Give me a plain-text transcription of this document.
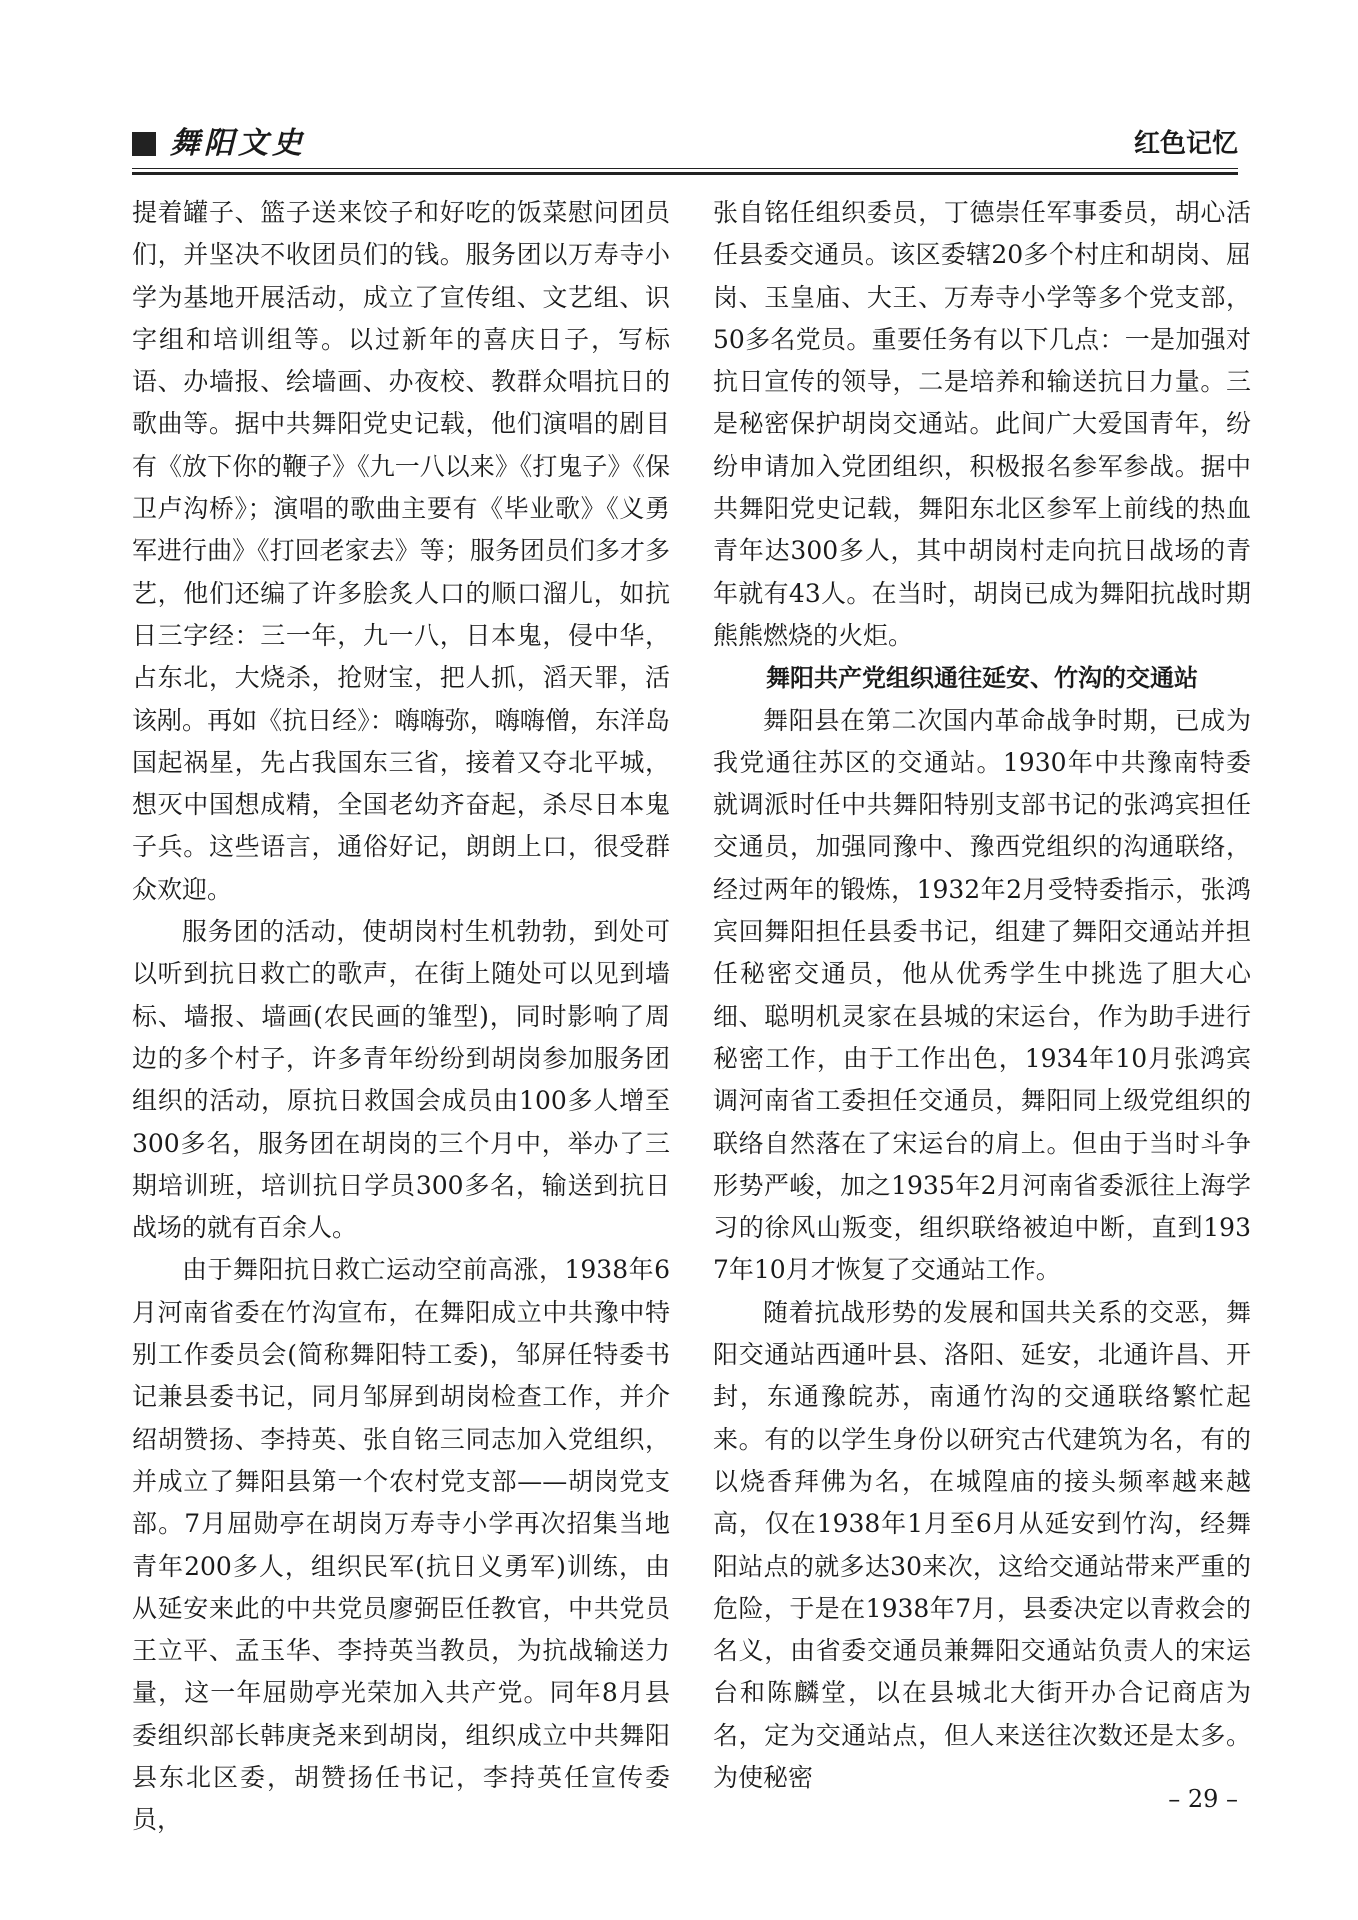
舞阳文史	红色记忆

提着罐子、篮子送来饺子和好吃的饭菜慰问团员们，并坚决不收团员们的钱。服务团以万寿寺小学为基地开展活动，成立了宣传组、文艺组、识字组和培训组等。以过新年的喜庆日子，写标语、办墙报、绘墙画、办夜校、教群众唱抗日的歌曲等。据中共舞阳党史记载，他们演唱的剧目有《放下你的鞭子》《九一八以来》《打鬼子》《保卫卢沟桥》；演唱的歌曲主要有《毕业歌》《义勇军进行曲》《打回老家去》等；服务团员们多才多艺，他们还编了许多脍炙人口的顺口溜儿，如抗日三字经：三一年，九一八，日本鬼，侵中华，占东北，大烧杀，抢财宝，把人抓，滔天罪，活该剐。再如《抗日经》：嗨嗨弥，嗨嗨僧，东洋岛国起祸星，先占我国东三省，接着又夺北平城，想灭中国想成精，全国老幼齐奋起，杀尽日本鬼子兵。这些语言，通俗好记，朗朗上口，很受群众欢迎。

服务团的活动，使胡岗村生机勃勃，到处可以听到抗日救亡的歌声，在街上随处可以见到墙标、墙报、墙画(农民画的雏型)，同时影响了周边的多个村子，许多青年纷纷到胡岗参加服务团组织的活动，原抗日救国会成员由100多人增至300多名，服务团在胡岗的三个月中，举办了三期培训班，培训抗日学员300多名，输送到抗日战场的就有百余人。

由于舞阳抗日救亡运动空前高涨，1938年6月河南省委在竹沟宣布，在舞阳成立中共豫中特别工作委员会(简称舞阳特工委)，邹屏任特委书记兼县委书记，同月邹屏到胡岗检查工作，并介绍胡赞扬、李持英、张自铭三同志加入党组织，并成立了舞阳县第一个农村党支部——胡岗党支部。7月屈勋亭在胡岗万寿寺小学再次招集当地青年200多人，组织民军(抗日义勇军)训练，由从延安来此的中共党员廖弼臣任教官，中共党员王立平、孟玉华、李持英当教员，为抗战输送力量，这一年屈勋亭光荣加入共产党。同年8月县委组织部长韩庚尧来到胡岗，组织成立中共舞阳县东北区委，胡赞扬任书记，李持英任宣传委员，

张自铭任组织委员，丁德崇任军事委员，胡心活任县委交通员。该区委辖20多个村庄和胡岗、屈岗、玉皇庙、大王、万寿寺小学等多个党支部，50多名党员。重要任务有以下几点：一是加强对抗日宣传的领导，二是培养和输送抗日力量。三是秘密保护胡岗交通站。此间广大爱国青年，纷纷申请加入党团组织，积极报名参军参战。据中共舞阳党史记载，舞阳东北区参军上前线的热血青年达300多人，其中胡岗村走向抗日战场的青年就有43人。在当时，胡岗已成为舞阳抗战时期熊熊燃烧的火炬。

舞阳共产党组织通往延安、竹沟的交通站

舞阳县在第二次国内革命战争时期，已成为我党通往苏区的交通站。1930年中共豫南特委就调派时任中共舞阳特别支部书记的张鸿宾担任交通员，加强同豫中、豫西党组织的沟通联络，经过两年的锻炼，1932年2月受特委指示，张鸿宾回舞阳担任县委书记，组建了舞阳交通站并担任秘密交通员，他从优秀学生中挑选了胆大心细、聪明机灵家在县城的宋运台，作为助手进行秘密工作，由于工作出色，1934年10月张鸿宾调河南省工委担任交通员，舞阳同上级党组织的联络自然落在了宋运台的肩上。但由于当时斗争形势严峻，加之1935年2月河南省委派往上海学习的徐风山叛变，组织联络被迫中断，直到1937年10月才恢复了交通站工作。

随着抗战形势的发展和国共关系的交恶，舞阳交通站西通叶县、洛阳、延安，北通许昌、开封，东通豫皖苏，南通竹沟的交通联络繁忙起来。有的以学生身份以研究古代建筑为名，有的以烧香拜佛为名，在城隍庙的接头频率越来越高，仅在1938年1月至6月从延安到竹沟，经舞阳站点的就多达30来次，这给交通站带来严重的危险，于是在1938年7月，县委决定以青救会的名义，由省委交通员兼舞阳交通站负责人的宋运台和陈麟堂，以在县城北大街开办合记商店为名，定为交通站点，但人来送往次数还是太多。为使秘密

– 29 –
